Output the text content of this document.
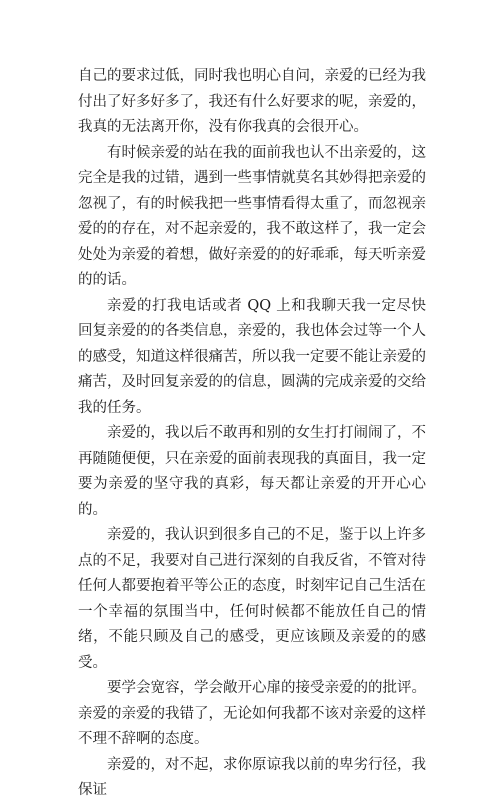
自己的要求过低，同时我也明心自问，亲爱的已经为我付出了好多好多了，我还有什么好要求的呢，亲爱的，我真的无法离开你，没有你我真的会很开心。

有时候亲爱的站在我的面前我也认不出亲爱的，这完全是我的过错，遇到一些事情就莫名其妙得把亲爱的忽视了，有的时候我把一些事情看得太重了，而忽视亲爱的的存在，对不起亲爱的，我不敢这样了，我一定会处处为亲爱的着想，做好亲爱的的好乖乖，每天听亲爱的的话。

亲爱的打我电话或者 QQ 上和我聊天我一定尽快回复亲爱的的各类信息，亲爱的，我也体会过等一个人的感受，知道这样很痛苦，所以我一定要不能让亲爱的痛苦，及时回复亲爱的的信息，圆满的完成亲爱的交给我的任务。

亲爱的，我以后不敢再和别的女生打打闹闹了，不再随随便便，只在亲爱的面前表现我的真面目，我一定要为亲爱的坚守我的真彩，每天都让亲爱的开开心心的。

亲爱的，我认识到很多自己的不足，鉴于以上许多点的不足，我要对自己进行深刻的自我反省，不管对待任何人都要抱着平等公正的态度，时刻牢记自己生活在一个幸福的氛围当中，任何时候都不能放任自己的情绪，不能只顾及自己的感受，更应该顾及亲爱的的感受。

要学会宽容，学会敞开心扉的接受亲爱的的批评。亲爱的亲爱的我错了，无论如何我都不该对亲爱的这样不理不辞啊的态度。

亲爱的，对不起，求你原谅我以前的卑劣行径，我保证
